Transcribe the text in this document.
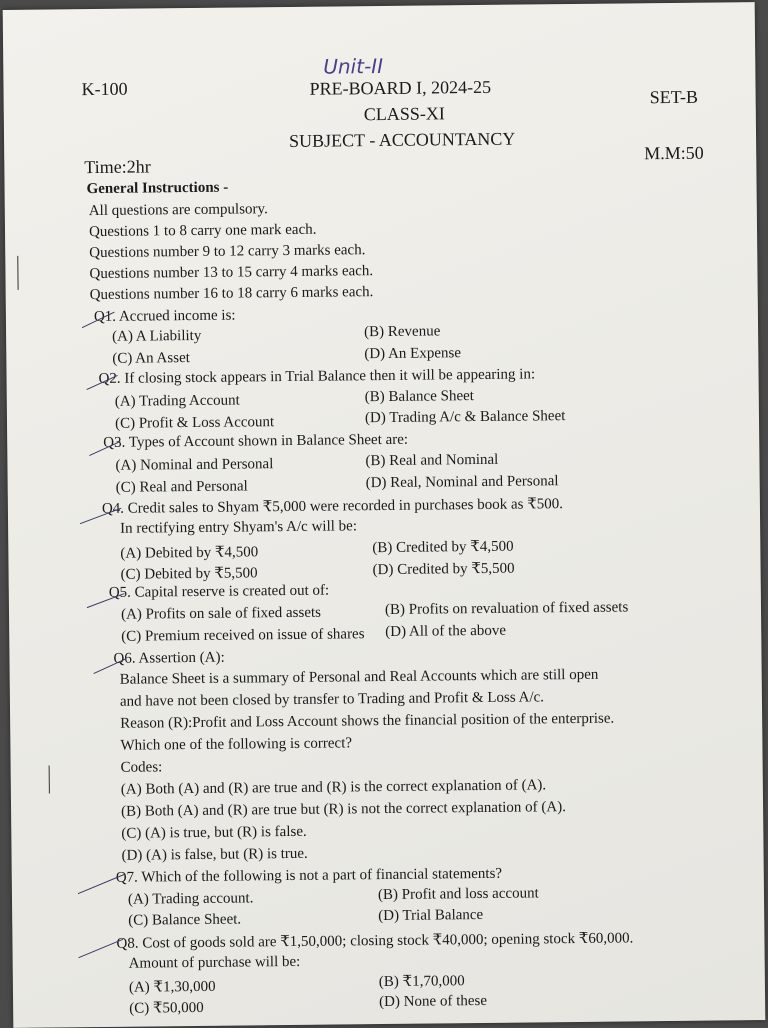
Unit-II
K-100	PRE-BOARD I, 2024-25	SET-B
CLASS-XI
SUBJECT - ACCOUNTANCY
Time:2hr
M.M:50
General Instructions -
All questions are compulsory.
Questions 1 to 8 carry one mark each.
Questions number 9 to 12 carry 3 marks each.
Questions number 13 to 15 carry 4 marks each.
Questions number 16 to 18 carry 6 marks each.
Q1. Accrued income is:
(A) A Liability	(B) Revenue
(C) An Asset	(D) An Expense
Q2. If closing stock appears in Trial Balance then it will be appearing in:
(A) Trading Account	(B) Balance Sheet
(C) Profit & Loss Account	(D) Trading A/c & Balance Sheet
Q3. Types of Account shown in Balance Sheet are:
(A) Nominal and Personal	(B) Real and Nominal
(C) Real and Personal	(D) Real, Nominal and Personal
Q4. Credit sales to Shyam ₹5,000 were recorded in purchases book as ₹500.
In rectifying entry Shyam's A/c will be:
(A) Debited by ₹4,500	(B) Credited by ₹4,500
(C) Debited by ₹5,500	(D) Credited by ₹5,500
Q5. Capital reserve is created out of:
(A) Profits on sale of fixed assets	(B) Profits on revaluation of fixed assets
(C) Premium received on issue of shares (D) All of the above
Q6. Assertion (A):
Balance Sheet is a summary of Personal and Real Accounts which are still open
and have not been closed by transfer to Trading and Profit & Loss A/c.
Reason (R):Profit and Loss Account shows the financial position of the enterprise.
Which one of the following is correct?
Codes:
(A) Both (A) and (R) are true and (R) is the correct explanation of (A).
(B) Both (A) and (R) are true but (R) is not the correct explanation of (A).
(C) (A) is true, but (R) is false.
(D) (A) is false, but (R) is true.
Q7. Which of the following is not a part of financial statements?
(A) Trading account.	(B) Profit and loss account
(C) Balance Sheet.	(D) Trial Balance
Q8. Cost of goods sold are ₹1,50,000; closing stock ₹40,000; opening stock ₹60,000.
Amount of purchase will be:
(A) ₹1,30,000	(B) ₹1,70,000
(C) ₹50,000	(D) None of these
